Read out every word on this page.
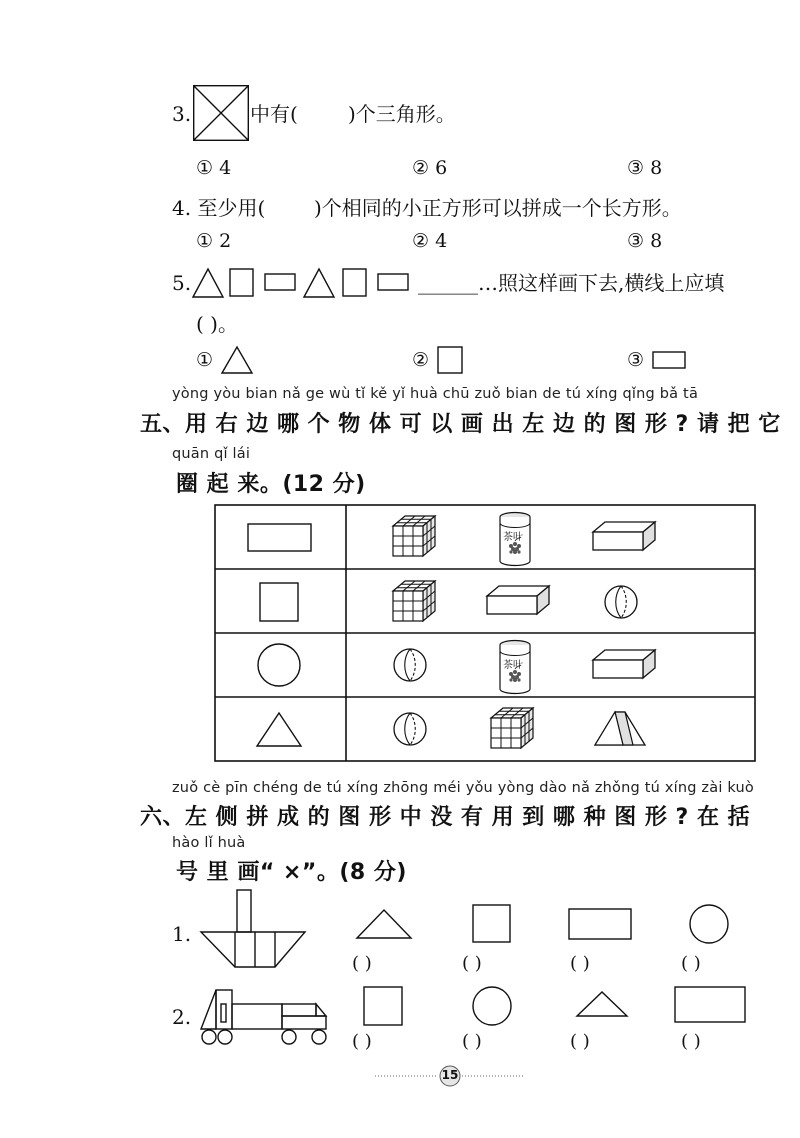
3.	中有(	)个三角形。
① 4	② 6	③ 8
4. 至少用( )个相同的小正方形可以拼成一个长方形。
① 2	② 4	③ 8
5.	______…照这样画下去,横线上应填
( )。
①	②	③
yòng yòu bian nǎ ge wù tǐ kě yǐ huà chū zuǒ bian de tú xíng qǐng bǎ tā
五、用 右 边 哪 个 物 体 可 以 画 出 左 边 的 图 形 ? 请 把 它
quān qǐ lái
圈 起 来。(12 分)
茶叶
茶叶
zuǒ cè pīn chéng de tú xíng zhōng méi yǒu yòng dào nǎ zhǒng tú xíng zài kuò
六、左 侧 拼 成 的 图 形 中 没 有 用 到 哪 种 图 形 ? 在 括
hào lǐ huà
号 里 画“ ×”。(8 分)
1.
( )	( )	( )	( )
2.
( )	( )	( )	( )
15
